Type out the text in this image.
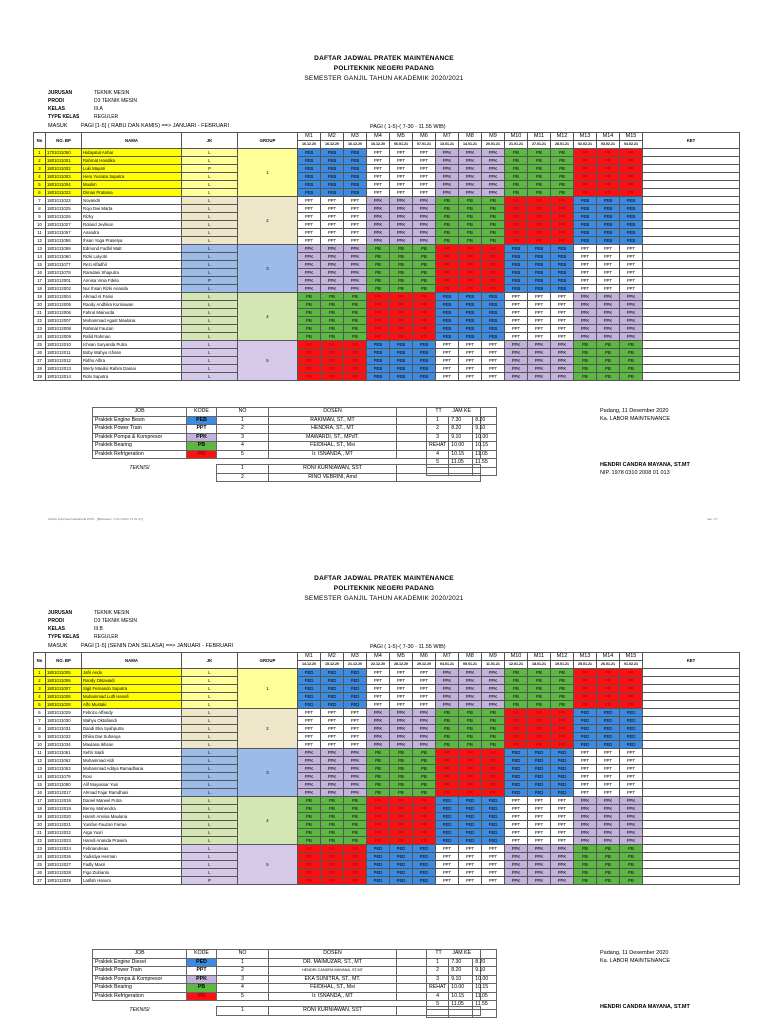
DAFTAR JADWAL PRATEK MAINTENANCE
POLITEKNIK NEGERI PADANG
SEMESTER GANJIL TAHUN AKADEMIK 2020/2021
JURUSAN	TEKNIK MESIN
PRODI	D3 TEKNIK MESIN
KELAS	III.A
TYPE KELAS	REGULER
MASUK PAGI [1-5] ( RABU DAN KAMIS) ==> JANUARI - FEBRUARI	PAGI ( 1-5)-( 7-30 - 11.55 WIB)
No	NO. BP	NAMA	JK	GROUP	M1	M2	M3	M4	M5	M6	M7	M8	M9	M10	M11	M12	M13	M14	M15	KET
					16.12.20	16.12.20	16.12.20	16.12.20	06.01.21	07.01.21	13.01.21	14.01.21	20.01.21	21.01.21	27.01.21	28.01.21	02.02.21	03.02.21	04.02.21	
1	1701011050	Hidayatul Anhar	L	1	PEB	PEB	PEB	PPT	PPT	PPT	PPK	PPK	PPK	PB	PB	PB	PR	PR	PR	
2	1801011001	Rahmat Handika	L		PEB	PEB	PEB	PPT	PPT	PPT	PPK	PPK	PPK	PB	PB	PB	PR	PR	PR	
3	1801011002	Luki Mayati	P		PEB	PEB	PEB	PPT	PPT	PPT	PPK	PPK	PPK	PB	PB	PB	PR	PR	PR	
4	1801011003	Heru Yusrata Saputra	L		PEB	PEB	PEB	PPT	PPT	PPT	PPK	PPK	PPK	PB	PB	PB	PR	PR	PR	
5	1801011004	Muslim	L		PEB	PEB	PEB	PPT	PPT	PPT	PPK	PPK	PPK	PB	PB	PB	PR	PR	PR	
6	1801011022	Dimas Pratama	L		PEB	PEB	PEB	PPT	PPT	PPT	PPK	PPK	PPK	PB	PB	PB	PR	PR	PR	
7	1801011023	Novandri	L	2	PPT	PPT	PPT	PPK	PPK	PPK	PB	PB	PB	PR	PR	PR	PEB	PEB	PEB	
8	1801011025	Rojo Dwi Marta	L		PPT	PPT	PPT	PPK	PPK	PPK	PB	PB	PB	PR	PR	PR	PEB	PEB	PEB	
9	1801011026	Rizky	L		PPT	PPT	PPT	PPK	PPK	PPK	PB	PB	PB	PR	PR	PR	PEB	PEB	PEB	
10	1801011027	Roland Jevlison	L		PPT	PPT	PPT	PPK	PPK	PPK	PB	PB	PB	PR	PR	PR	PEB	PEB	PEB	
11	1801011057	Anandra	L		PPT	PPT	PPT	PPK	PPK	PPK	PB	PB	PB	PR	PR	PR	PEB	PEB	PEB	
12	1801011058	Ihsan Yoga Prasetya	L		PPT	PPT	PPT	PPK	PPK	PPK	PB	PB	PB	PR	PR	PR	PEB	PEB	PEB	
13	1801011059	Edmond Fadhil Walt	L	3	PPK	PPK	PPK	PB	PB	PB	PR	PR	PR	PEB	PEB	PEB	PPT	PPT	PPT	
14	1801011060	Rizki Lolyotri	L		PPK	PPK	PPK	PB	PB	PB	PR	PR	PR	PEB	PEB	PEB	PPT	PPT	PPT	
15	1801011077	Rezi Alfadhil	L		PPK	PPK	PPK	PB	PB	PB	PR	PR	PR	PEB	PEB	PEB	PPT	PPT	PPT	
16	1801011078	Ramdani Shaputra	L		PPK	PPK	PPK	PB	PB	PB	PR	PR	PR	PEB	PEB	PEB	PPT	PPT	PPT	
17	1801012001	Annisa Vinia Fdela	P		PPK	PPK	PPK	PB	PB	PB	PR	PR	PR	PEB	PEB	PEB	PPT	PPT	PPT	
18	1801012002	Nur Ihsan Rizki Ananda	L		PPK	PPK	PPK	PB	PB	PB	PR	PR	PR	PEB	PEB	PEB	PPT	PPT	PPT	
19	1801012004	Ahmad Al Farisi	L	4	PB	PB	PB	PR	PR	PR	PEB	PEB	PEB	PPT	PPT	PPT	PPK	PPK	PPK	
20	1801012005	Randy Andhika Kurniawan	L		PB	PB	PB	PR	PR	PR	PEB	PEB	PEB	PPT	PPT	PPT	PPK	PPK	PPK	
21	1801012006	Fahrul Mainurda	L		PB	PB	PB	PR	PR	PR	PEB	PEB	PEB	PPT	PPT	PPT	PPK	PPK	PPK	
22	1801012007	Muhammad Agast Maulana	L		PB	PB	PB	PR	PR	PR	PEB	PEB	PEB	PPT	PPT	PPT	PPK	PPK	PPK	
23	1801012008	Rahmat Fauzan	L		PB	PB	PB	PR	PR	PR	PEB	PEB	PEB	PPT	PPT	PPT	PPK	PPK	PPK	
24	1801012009	Rafid Rahman	L		PB	PB	PB	PR	PR	PR	PEB	PEB	PEB	PPT	PPT	PPT	PPK	PPK	PPK	
25	1801012010	Ichsan Suryanda Putra	L	5	PR	PR	PR	PEB	PEB	PEB	PPT	PPT	PPT	PPK	PPK	PPK	PB	PB	PB	
26	1801012011	Boby Wahyu Ichsan	L		PR	PR	PR	PEB	PEB	PEB	PPT	PPT	PPT	PPK	PPK	PPK	PB	PB	PB	
27	1801012012	Ridho Alfira	L		PR	PR	PR	PEB	PEB	PEB	PPT	PPT	PPT	PPK	PPK	PPK	PB	PB	PB	
28	1801012013	Werly Maulisi Rahim Damai	L		PR	PR	PR	PEB	PEB	PEB	PPT	PPT	PPT	PPK	PPK	PPK	PB	PB	PB	
29	1801012014	Robi Saputra	L		PR	PR	PR	PEB	PEB	PEB	PPT	PPT	PPT	PPK	PPK	PPK	PB	PB	PB	
JOB	KODE	NO	DOSEN	TT
Praktek Engine Besin	PEB	1	RAKIMAN, ST., MT	
Praktek Power Train	PPT	2	HENDRA, ST., MT	
Praktek Pompa & Kompresor	PPK	3	MAWARDI, ST., MPdT.	
Praktek Bearing	PB	4	FEIDIHAL, ST., Msi	
Praktek Refrigeration	PR	5	Ir. ISNANDA,, MT	

TEKNISI		1	RONI KURNIAWAN, SST	
		2	RINO VEBRINI, Amd	
JAM KE		
1	7.30	8.20
2	8.20	9.10
3	9.10	10.00
REHAT	10.00	10.15
4	10.15	11.05
5	11.05	11.55

Padang, 11 Desember 2020
Ka. LABOR MAINTENANCE
HENDRI CANDRA MAYANA, ST.MT
NIP. 1978 0310 2008 01 013
Sistem Informasi Akademik PNP - [Halaman: 15.01.2020 15.01.47]	hal. 1/7
DAFTAR JADWAL PRATEK MAINTENANCE
POLITEKNIK NEGERI PADANG
SEMESTER GANJIL TAHUN AKADEMIK 2020/2021
JURUSAN	TEKNIK MESIN
PRODI	D3 TEKNIK MESIN
KELAS	III.B
TYPE KELAS	REGULER
MASUK PAGI [1-5] (SENIN DAN SELASA) ==> JANUARI - FEBRUARI	PAGI ( 1-5)-( 7-30 - 11.55 WIB)
No	NO. BP	NAMA	JK	GROUP	M1	M2	M3	M4	M5	M6	M7	M8	M9	M10	M11	M12	M13	M14	M15	KET
					14.12.20	15.12.20	21.12.20	22.12.20	28.12.20	29.12.20	04.01.21	05.01.21	11.01.21	12.01.21	18.01.21	19.01.21	25.01.21	26.01.21	01.02.21	
1	1801011005	Jafri Ando	L	1	PED	PED	PED	PPT	PPT	PPT	PPK	PPK	PPK	PB	PB	PB	PR	PR	PR	
2	1801011006	Randy Oktaviadi	L		PED	PED	PED	PPT	PPT	PPT	PPK	PPK	PPK	PB	PB	PB	PR	PR	PR	
3	1801011007	Sigit Fernando Saputra	L		PED	PED	PED	PPT	PPT	PPT	PPK	PPK	PPK	PB	PB	PB	PR	PR	PR	
4	1801011008	Muhammad Lutfi Hanafi	L		PED	PED	PED	PPT	PPT	PPT	PPK	PPK	PPK	PB	PB	PB	PR	PR	PR	
5	1801011028	Alfo Mustaki	L		PED	PED	PED	PPT	PPT	PPT	PPK	PPK	PPK	PB	PB	PB	PR	PR	PR	
6	1801011029	Febrizo Affandy	L	2	PPT	PPT	PPT	PPK	PPK	PPK	PB	PB	PB	PR	PR	PR	PED	PED	PED	
7	1801011030	Wahyu Oktafiandi	L		PPT	PPT	PPT	PPK	PPK	PPK	PB	PB	PB	PR	PR	PR	PED	PED	PED	
8	1801011031	Dandi Eka Syahputra	L		PPT	PPT	PPT	PPK	PPK	PPK	PB	PB	PB	PR	PR	PR	PED	PED	PED	
9	1801011032	Dhika Dwi Suhanya	L		PPT	PPT	PPT	PPK	PPK	PPK	PB	PB	PB	PR	PR	PR	PED	PED	PED	
10	1801011034	Maulana Ikhsan	L		PPT	PPT	PPT	PPK	PPK	PPK	PB	PB	PB	PR	PR	PR	PED	PED	PED	
11	1801011061	Seftri Saldi	L	3	PPK	PPK	PPK	PB	PB	PB	PR	PR	PR	PED	PED	PED	PPT	PPT	PPT	
12	1801011062	Muhammad Aldi	L		PPK	PPK	PPK	PB	PB	PB	PR	PR	PR	PED	PED	PED	PPT	PPT	PPT	
13	1801011063	Muhammad Aditya Ramadhana	L		PPK	PPK	PPK	PB	PB	PB	PR	PR	PR	PED	PED	PED	PPT	PPT	PPT	
14	1801011079	Rosi	L		PPK	PPK	PPK	PB	PB	PB	PR	PR	PR	PED	PED	PED	PPT	PPT	PPT	
15	1801011080	Alif Muyassar Yusi	L		PPK	PPK	PPK	PB	PB	PB	PR	PR	PR	PED	PED	PED	PPT	PPT	PPT	
16	1801012017	Ahmad Fajar Ramdhani	L		PPK	PPK	PPK	PB	PB	PB	PR	PR	PR	PED	PED	PED	PPT	PPT	PPT	
17	1801012018	Daniel Marwel Putra	L	4	PB	PB	PB	PR	PR	PR	PED	PED	PED	PPT	PPT	PPT	PPK	PPK	PPK	
18	1801012019	Benny Mahendra	L		PB	PB	PB	PR	PR	PR	PED	PED	PED	PPT	PPT	PPT	PPK	PPK	PPK	
19	1801012020	Harish Annisa Maulana	L		PB	PB	PB	PR	PR	PR	PED	PED	PED	PPT	PPT	PPT	PPK	PPK	PPK	
20	1801012021	Yunifan Fauzan Farrae	L		PB	PB	PB	PR	PR	PR	PED	PED	PED	PPT	PPT	PPT	PPK	PPK	PPK	
21	1801012022	Arga Yusri	L		PB	PB	PB	PR	PR	PR	PED	PED	PED	PPT	PPT	PPT	PPK	PPK	PPK	
22	1801012023	Hamdi Ananda Prawira	L		PB	PB	PB	PR	PR	PR	PED	PED	PED	PPT	PPT	PPT	PPK	PPK	PPK	
23	1801012024	Febriandreas	L	5	PR	PR	PR	PED	PED	PED	PPT	PPT	PPT	PPK	PPK	PPK	PB	PB	PB	
24	1801012026	Yudistiya Herman	L		PR	PR	PR	PED	PED	PED	PPT	PPT	PPT	PPK	PPK	PPK	PB	PB	PB	
25	1801012027	Fadly Masri	L		PR	PR	PR	PED	PED	PED	PPT	PPT	PPT	PPK	PPK	PPK	PB	PB	PB	
26	1801012028	Figo Zulrianto	L		PR	PR	PR	PED	PED	PED	PPT	PPT	PPT	PPK	PPK	PPK	PB	PB	PB	
27	1801012029	Latifah Hanum	P		PR	PR	PR	PED	PED	PED	PPT	PPT	PPT	PPK	PPK	PPK	PB	PB	PB	
JOB	KODE	NO	DOSEN	TT
Praktek Engine Diesel	PED	1	DR. MAIMUZAR, ST., MT	
Praktek Power Train	PPT	2	HENDRI CANDRA MAYANA, ST.MT	
Praktek Pompa & Kompresor	PPK	3	EKA SUNITRA, ST., MT.	
Praktek Bearing	PB	4	FEIDIHAL, ST., Msi	
Praktek Refrigeration	PR	5	Ir. ISNANDA,, MT	

TEKNISI		1	RONI KURNIAWAN, SST	
JAM KE		
1	7.30	8.20
2	8.20	9.10
3	9.10	10.00
REHAT	10.00	10.15
4	10.15	11.05
5	11.05	11.55

Padang, 11 Desember 2020
Ka. LABOR MAINTENANCE
HENDRI CANDRA MAYANA, ST.MT
